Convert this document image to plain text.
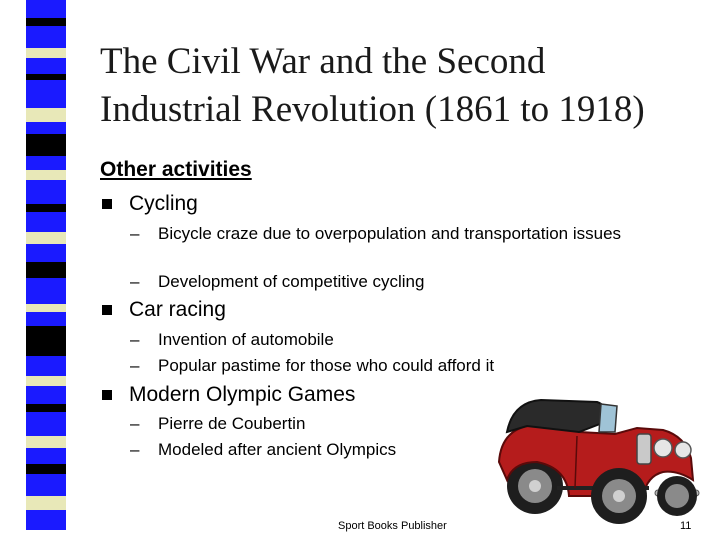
The Civil War and the Second
Industrial Revolution (1861 to 1918)
Other activities
Cycling
–	Bicycle craze due to overpopulation and transportation issues
–	Development of competitive cycling
Car racing
–	Invention of automobile
–	Popular pastime for those who could afford it
Modern Olympic Games
–	Pierre de Coubertin
–	Modeled after ancient Olympics
Sport Books Publisher	11
